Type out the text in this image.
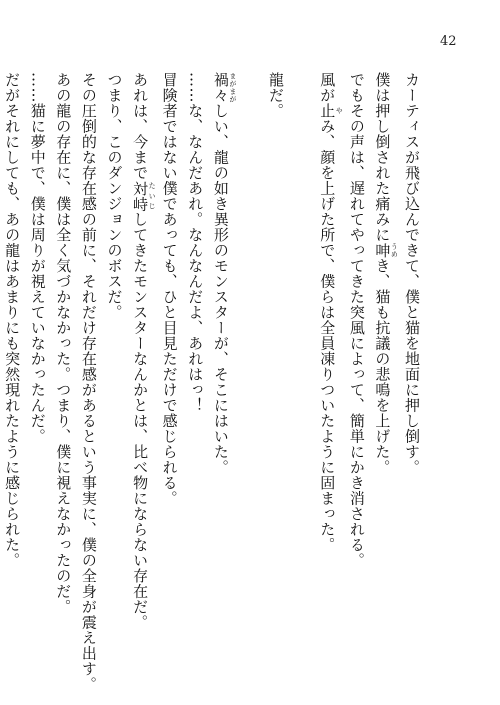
42
カーティスが飛び込んできて、僕と猫を地面に押し倒す。
僕は押し倒された痛みに呻 うめき、猫も抗議の悲鳴を上げた。
でもその声は、遅れてやってきた突風によって、簡単にかき消される。
風が止 やみ、顔を上げた所で、僕らは全員凍りついたように固まった。
龍だ。
禍々 まがまがしい、龍の如き異形のモンスターが、そこにはいた。
……な、なんだあれ。なんなんだよ、あれはっ！
冒険者ではない僕であっても、ひと目見ただけで感じられる。
あれは、今まで対峙 たいじしてきたモンスターなんかとは、比べ物にならない存在だ。
つまり、このダンジョンのボスだ。
その圧倒的な存在感の前に、それだけ存在感があるという事実に、僕の全身が震え出す。
あの龍の存在に、僕は全く気づかなかった。つまり、僕に視えなかったのだ。
……猫に夢中で、僕は周りが視えていなかったんだ。
だがそれにしても、あの龍はあまりにも突然現れたように感じられた。
